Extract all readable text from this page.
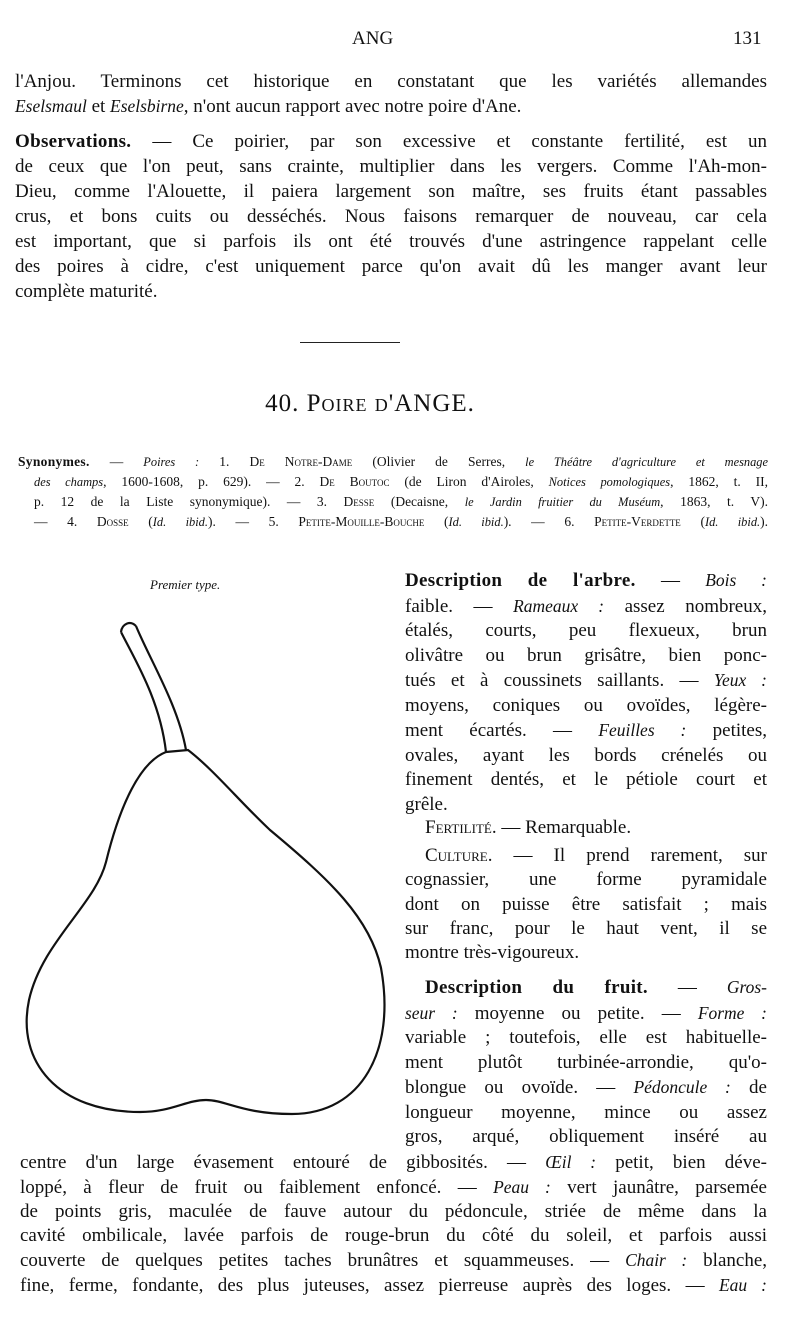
ANG	131
l'Anjou. Terminons cet historique en constatant que les variétés allemandes
Eselsmaul et Eselsbirne, n'ont aucun rapport avec notre poire d'Ane.
Observations. — Ce poirier, par son excessive et constante fertilité, est un
de ceux que l'on peut, sans crainte, multiplier dans les vergers. Comme l'Ah-mon-
Dieu, comme l'Alouette, il paiera largement son maître, ses fruits étant passables
crus, et bons cuits ou desséchés. Nous faisons remarquer de nouveau, car cela
est important, que si parfois ils ont été trouvés d'une astringence rappelant celle
des poires à cidre, c'est uniquement parce qu'on avait dû les manger avant leur
complète maturité.
40. Poire d'ANGE.
Synonymes. — Poires : 1. De Notre-Dame (Olivier de Serres, le Théâtre d'agriculture et mesnage
des champs, 1600-1608, p. 629). — 2. De Boutoc (de Liron d'Airoles, Notices pomologiques, 1862, t. II,
p. 12 de la Liste synonymique). — 3. Desse (Decaisne, le Jardin fruitier du Muséum, 1863, t. V).
— 4. Dosse (Id. ibid.). — 5. Petite-Mouille-Bouche (Id. ibid.). — 6. Petite-Verdette (Id. ibid.).
Premier type.	Description de l'arbre. — Bois :
faible. — Rameaux : assez nombreux,
étalés, courts, peu flexueux, brun
olivâtre ou brun grisâtre, bien ponc-
tués et à coussinets saillants. — Yeux :
moyens, coniques ou ovoïdes, légère-
ment écartés. — Feuilles : petites,
ovales, ayant les bords crénelés ou
finement dentés, et le pétiole court et
grêle.
Fertilité. — Remarquable.
Culture. — Il prend rarement, sur
cognassier, une forme pyramidale
dont on puisse être satisfait ; mais
sur franc, pour le haut vent, il se
montre très-vigoureux.
Description du fruit. — Gros-
seur : moyenne ou petite. — Forme :
variable ; toutefois, elle est habituelle-
ment plutôt turbinée-arrondie, qu'o-
blongue ou ovoïde. — Pédoncule : de
longueur moyenne, mince ou assez
gros, arqué, obliquement inséré au
centre d'un large évasement entouré de gibbosités. — Œil : petit, bien déve-
loppé, à fleur de fruit ou faiblement enfoncé. — Peau : vert jaunâtre, parsemée
de points gris, maculée de fauve autour du pédoncule, striée de même dans la
cavité ombilicale, lavée parfois de rouge-brun du côté du soleil, et parfois aussi
couverte de quelques petites taches brunâtres et squammeuses. — Chair : blanche,
fine, ferme, fondante, des plus juteuses, assez pierreuse auprès des loges. — Eau :
